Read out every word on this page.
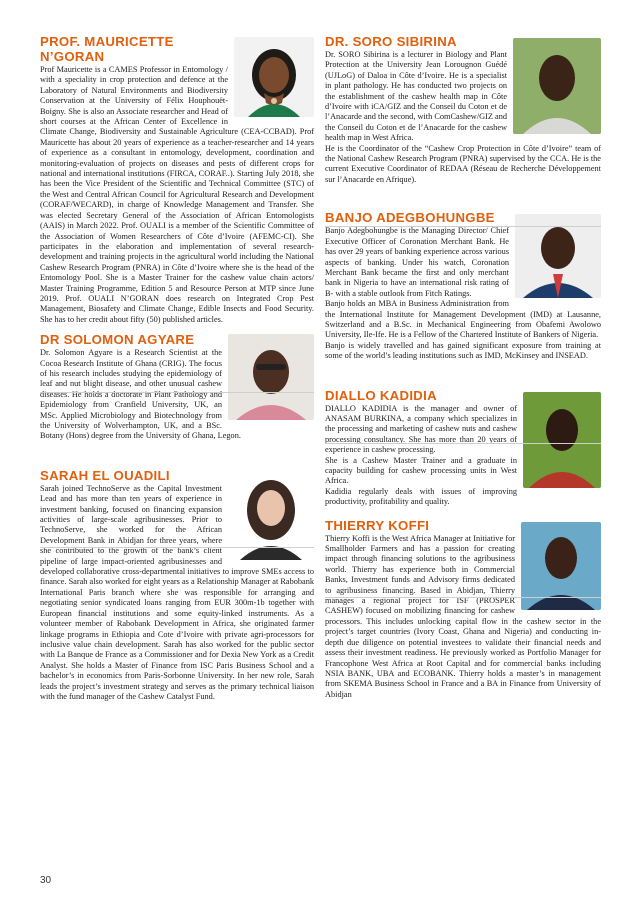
PROF. MAURICETTE N’GORAN

Prof Mauricette is a CAMES Professor in Entomology / with a speciality in crop protection and defence at the Laboratory of Natural Environments and Biodiversity Conservation at the University of Félix Houphouët-Boigny. She is also an Associate researcher and Head of short courses at the African Center of Excellence in Climate Change, Biodiversity and Sustainable Agriculture (CEA-CCBAD). Prof Mauricette has about 20 years of experience as a teacher-researcher and 14 years of experience as a consultant in entomology, development, coordination and monitoring-evaluation of projects on diseases and pests of different crops for national and international institutions (FIRCA, CORAF..). Starting July 2018, she has been the Vice President of the Scientific and Technical Committee (STC) of the West and Central African Council for Agricultural Research and Development (CORAF/WECARD), in charge of Knowledge Management and Transfer. She was elected Secretary General of the Association of African Entomologists (AAIS) in March 2022. Prof. OUALI is a member of the Scientific Committee of the Association of Women Researchers of Côte d’Ivoire (AFEMC-CI). She participates in the elaboration and implementation of several research-development and training projects in the agricultural world including the National Cashew Research Program (PNRA) in Côte d’Ivoire where she is the head of the Entomology Pool. She is a Master Trainer for the cashew value chain actors/ Master Training Programme, Edition 5 and Resource Person at MTP since June 2019. Prof. OUALI N’GORAN does research on Integrated Crop Pest Management, Biosafety and Climate Change, Edible Insects and Food Security. She has to her credit about fifty (50) published articles.

DR SOLOMON AGYARE

Dr. Solomon Agyare is a Research Scientist at the Cocoa Research Institute of Ghana (CRIG). The focus of his research includes studying the epidemiology of leaf and nut blight disease, and other unusual cashew diseases. He holds a doctorate in Plant Pathology and Epidemiology from Cranfield University, UK, an MSc. Applied Microbiology and Biotechnology from the University of Wolverhampton, UK, and a BSc. Botany (Hons) degree from the University of Ghana, Legon.

SARAH EL OUADILI

Sarah joined TechnoServe as the Capital Investment Lead and has more than ten years of experience in investment banking, focused on financing expansion activities of large-scale agribusinesses. Prior to TechnoServe, she worked for the African Development Bank in Abidjan for three years, where she contributed to the growth of the bank’s client pipeline of large impact-oriented agribusinesses and developed collaborative cross-departmental initiatives to improve SMEs access to finance. Sarah also worked for eight years as a Relationship Manager at Rabobank International Paris branch where she was responsible for arranging and negotiating senior syndicated loans ranging from EUR 300m-1b together with European financial institutions and some equity-linked instruments. As a volunteer member of Rabobank Development in Africa, she originated farmer linkage programs in Ethiopia and Cote d’Ivoire with private agri-processors for inclusive value chain development. Sarah has also worked for the public sector with La Banque de France as a Commissioner and for Dexia New York as a Credit Analyst. She holds a Master of Finance from ISC Paris Business School and a bachelor’s in economics from Paris-Sorbonne University. In her new role, Sarah leads the project’s investment strategy and serves as the primary technical liaison with the fund manager of the Cashew Catalyst Fund.

DR. SORO SIBIRINA

Dr. SORO Sibirina is a lecturer in Biology and Plant Protection at the University Jean Lorougnon Guédé (UJLoG) of Daloa in Côte d’Ivoire. He is a specialist in plant pathology. He has conducted two projects on the establishment of the cashew health map in Côte d’Ivoire with iCA/GIZ and the Conseil du Coton et de l’Anacarde and the second, with ComCashew/GIZ and the Conseil du Coton et de l’Anacarde for the cashew health map in West Africa.

He is the Coordinator of the “Cashew Crop Protection in Côte d’Ivoire” team of the National Cashew Research Program (PNRA) supervised by the CCA. He is the current Executive Coordinator of REDAA (Réseau de Recherche Développement sur l’Anacarde en Afrique).

BANJO ADEGBOHUNGBE

Banjo Adegbohungbe is the Managing Director/ Chief Executive Officer of Coronation Merchant Bank. He has over 29 years of banking experience across various aspects of banking. Under his watch, Coronation Merchant Bank became the first and only merchant bank in Nigeria to have an international risk rating of B- with a stable outlook from Fitch Ratings.

Banjo holds an MBA in Business Administration from the International Institute for Management Development (IMD) at Lausanne, Switzerland and a B.Sc. in Mechanical Engineering from Obafemi Awolowo University, Ile-Ife. He is a Fellow of the Chartered Institute of Bankers of Nigeria.

Banjo is widely travelled and has gained significant exposure from training at some of the world’s leading institutions such as IMD, McKinsey and INSEAD.

DIALLO KADIDIA

DIALLO KADIDIA is the manager and owner of ANASAM BURKINA, a company which specializes in the processing and marketing of cashew nuts and cashew processing consultancy. She has more than 20 years of experience in cashew processing.

She is a Cashew Master Trainer and a graduate in capacity building for cashew processing units in West Africa.

Kadidia regularly deals with issues of improving productivity, profitability and quality.

THIERRY KOFFI

Thierry Koffi is the West Africa Manager at Initiative for Smallholder Farmers and has a passion for creating impact through financing solutions to the agribusiness world. Thierry has experience both in Commercial Banks, Investment funds and Advisory firms dedicated to agribusiness financing. Based in Abidjan, Thierry manages a regional project for ISF (PROSPER CASHEW) focused on mobilizing financing for cashew processors. This includes unlocking capital flow in the cashew sector in the project’s target countries (Ivory Coast, Ghana and Nigeria) and conducting in-depth due diligence on potential investees to validate their financial needs and assess their investment readiness. He previously worked as Portfolio Manager for Francophone West Africa at Root Capital and for commercial banks including NSIA BANK, UBA and ECOBANK. Thierry holds a master’s in management from SKEMA Business School in France and a BA in Finance from University of Abidjan

30
